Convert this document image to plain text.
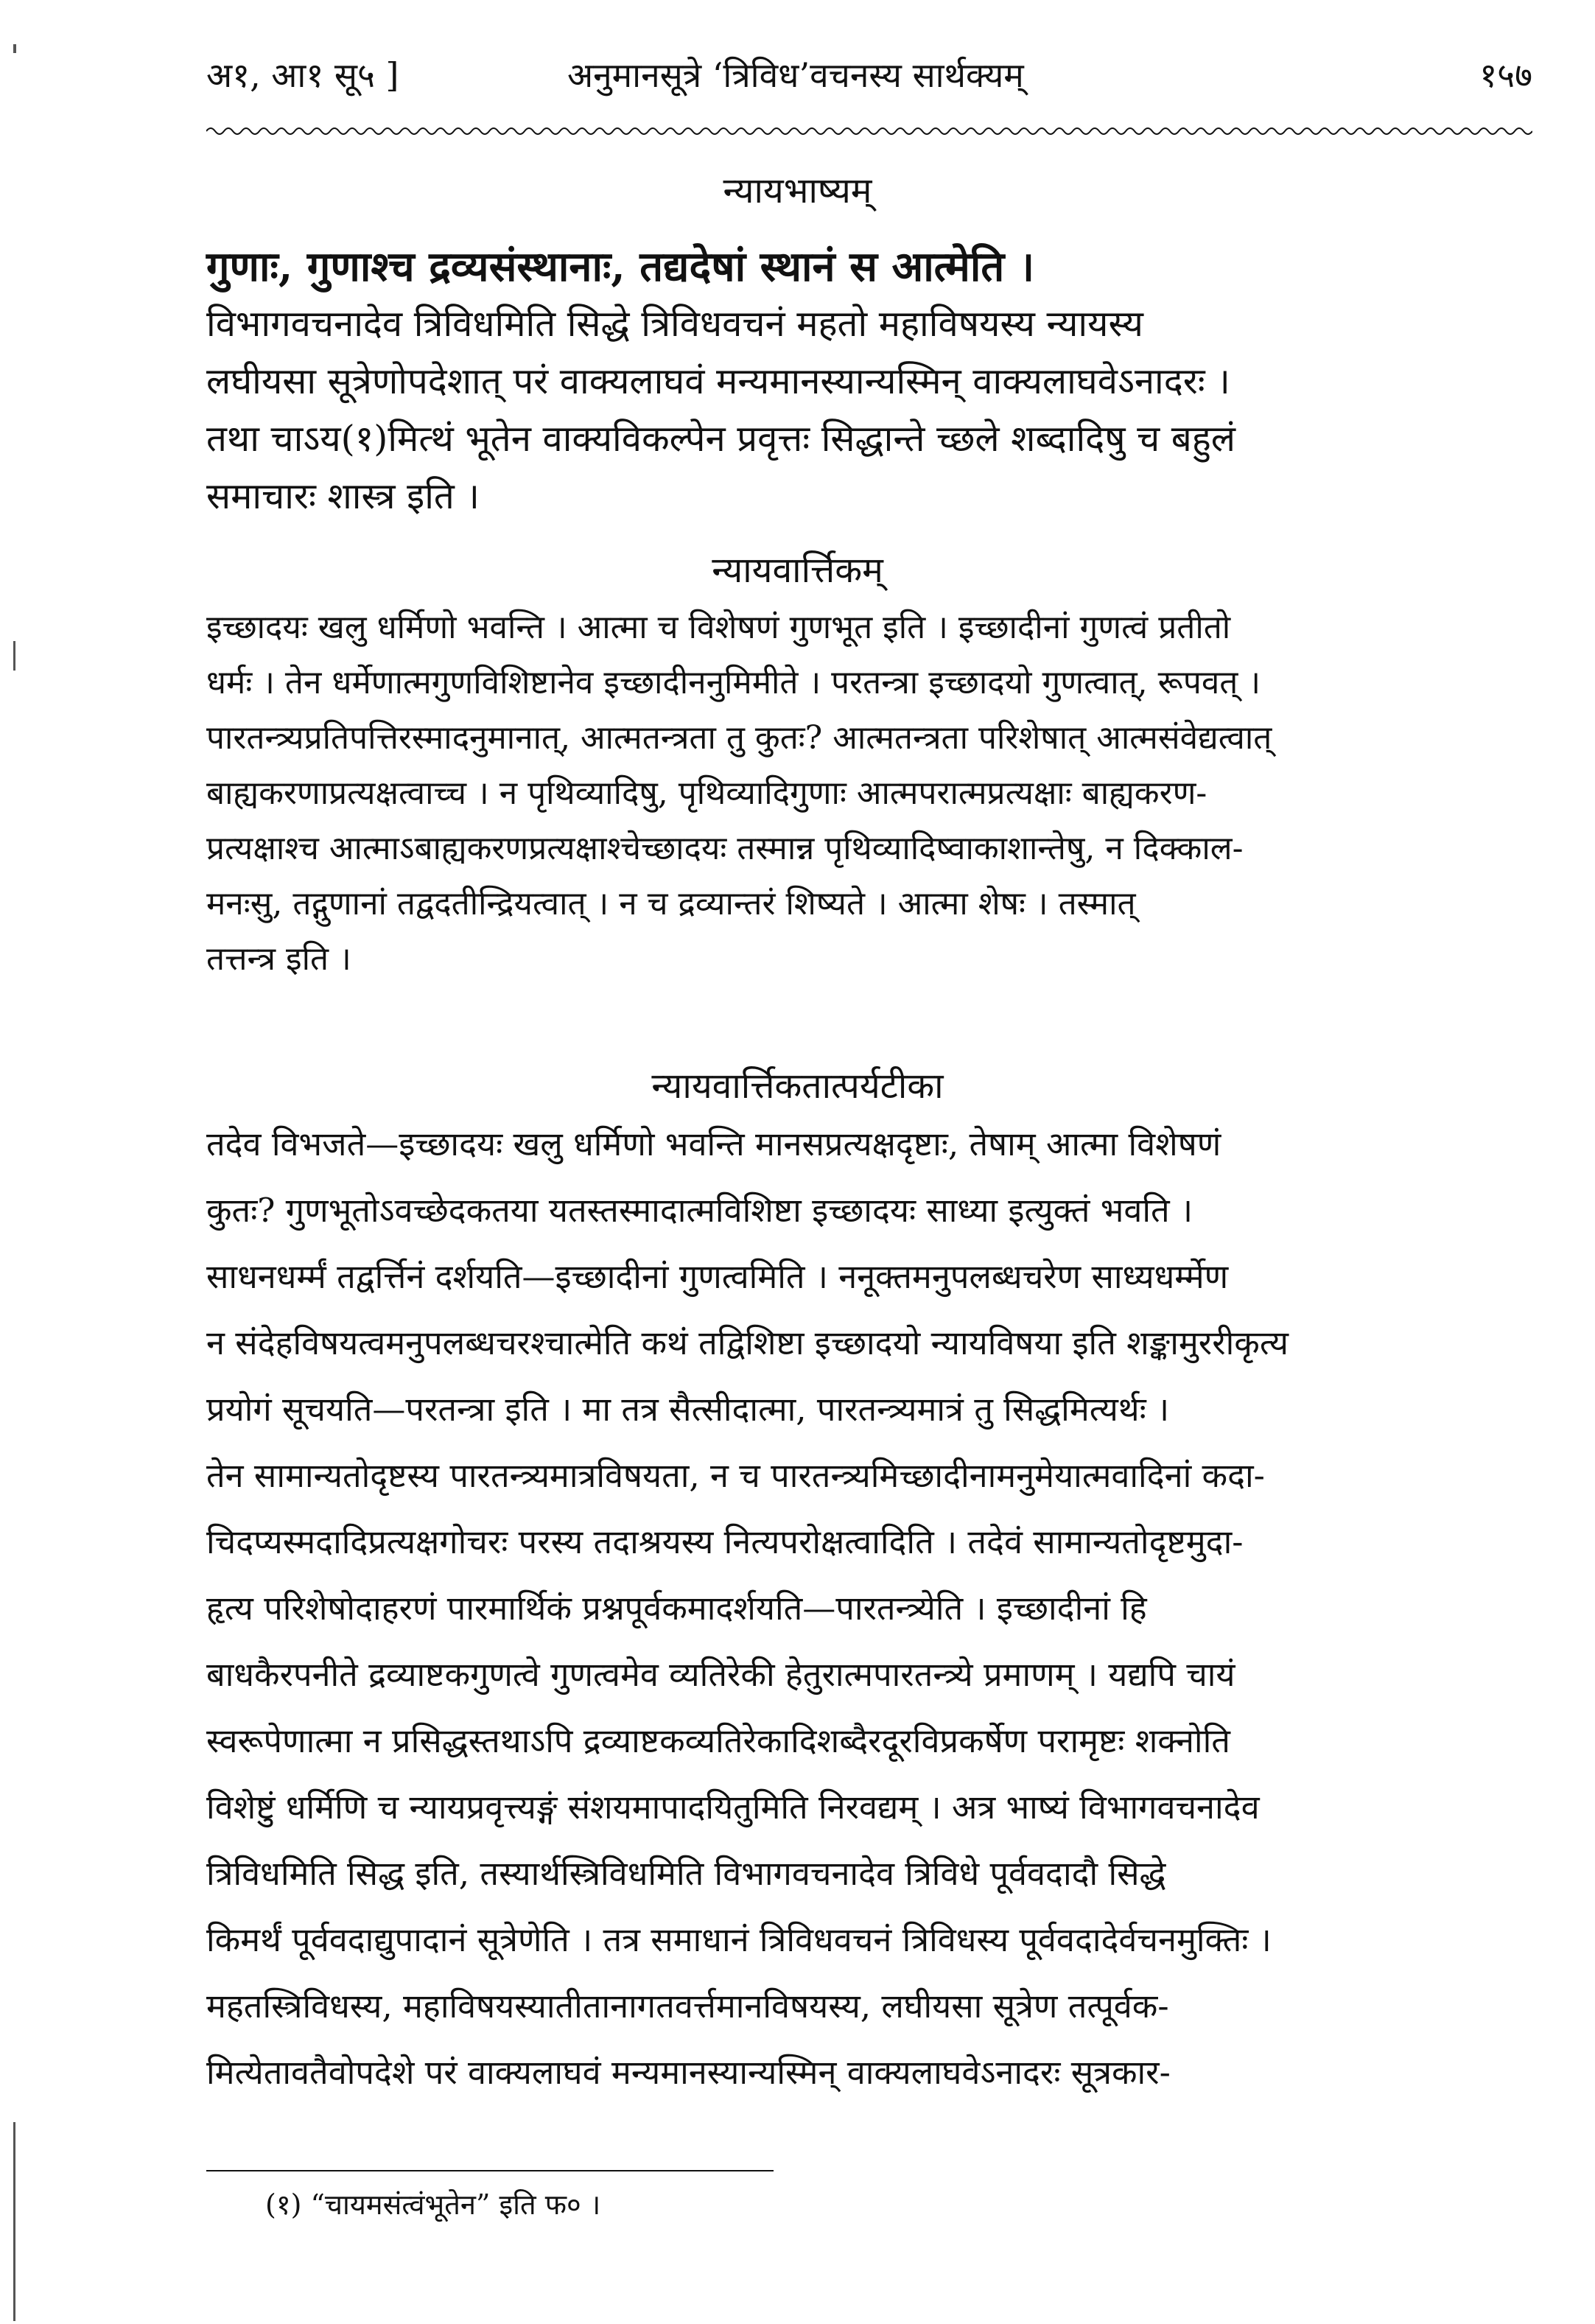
अ१, आ१ सू५ ]	अनुमानसूत्रे ‘त्रिविध’वचनस्य सार्थक्यम्	१५७
न्यायभाष्यम्
गुणाः, गुणाश्च द्रव्यसंस्थानाः, तद्यदेषां स्थानं स आत्मेति ।
विभागवचनादेव त्रिविधमिति सिद्धे त्रिविधवचनं महतो महाविषयस्य न्यायस्य
लघीयसा सूत्रेणोपदेशात् परं वाक्यलाघवं मन्यमानस्यान्यस्मिन् वाक्यलाघवेऽनादरः ।
तथा चाऽय(१)मित्थं भूतेन वाक्यविकल्पेन प्रवृत्तः सिद्धान्ते च्छले शब्दादिषु च बहुलं
समाचारः शास्त्र इति ।
न्यायवार्त्तिकम्
इच्छादयः खलु धर्मिणो भवन्ति । आत्मा च विशेषणं गुणभूत इति । इच्छादीनां गुणत्वं प्रतीतो
धर्मः । तेन धर्मेणात्मगुणविशिष्टानेव इच्छादीननुमिमीते । परतन्त्रा इच्छादयो गुणत्वात्, रूपवत् ।
पारतन्त्र्यप्रतिपत्तिरस्मादनुमानात्, आत्मतन्त्रता तु कुतः? आत्मतन्त्रता परिशेषात् आत्मसंवेद्यत्वात्
बाह्यकरणाप्रत्यक्षत्वाच्च । न पृथिव्यादिषु, पृथिव्यादिगुणाः आत्मपरात्मप्रत्यक्षाः बाह्यकरण-
प्रत्यक्षाश्च आत्माऽबाह्यकरणप्रत्यक्षाश्चेच्छादयः तस्मान्न पृथिव्यादिष्वाकाशान्तेषु, न दिक्काल-
मनःसु, तद्गुणानां तद्वदतीन्द्रियत्वात् । न च द्रव्यान्तरं शिष्यते । आत्मा शेषः । तस्मात्
तत्तन्त्र इति ।
न्यायवार्त्तिकतात्पर्यटीका
तदेव विभजते—इच्छादयः खलु धर्मिणो भवन्ति मानसप्रत्यक्षदृष्टाः, तेषाम् आत्मा विशेषणं
कुतः? गुणभूतोऽवच्छेदकतया यतस्तस्मादात्मविशिष्टा इच्छादयः साध्या इत्युक्तं भवति ।
साधनधर्म्मं तद्वर्त्तिनं दर्शयति—इच्छादीनां गुणत्वमिति । ननूक्तमनुपलब्धचरेण साध्यधर्म्मेण
न संदेहविषयत्वमनुपलब्धचरश्चात्मेति कथं तद्विशिष्टा इच्छादयो न्यायविषया इति शङ्कामुररीकृत्य
प्रयोगं सूचयति—परतन्त्रा इति । मा तत्र सैत्सीदात्मा, पारतन्त्र्यमात्रं तु सिद्धमित्यर्थः ।
तेन सामान्यतोदृष्टस्य पारतन्त्र्यमात्रविषयता, न च पारतन्त्र्यमिच्छादीनामनुमेयात्मवादिनां कदा-
चिदप्यस्मदादिप्रत्यक्षगोचरः परस्य तदाश्रयस्य नित्यपरोक्षत्वादिति । तदेवं सामान्यतोदृष्टमुदा-
हृत्य परिशेषोदाहरणं पारमार्थिकं प्रश्नपूर्वकमादर्शयति—पारतन्त्र्येति । इच्छादीनां हि
बाधकैरपनीते द्रव्याष्टकगुणत्वे गुणत्वमेव व्यतिरेकी हेतुरात्मपारतन्त्र्ये प्रमाणम् । यद्यपि चायं
स्वरूपेणात्मा न प्रसिद्धस्तथाऽपि द्रव्याष्टकव्यतिरेकादिशब्दैरदूरविप्रकर्षेण परामृष्टः शक्नोति
विशेष्टुं धर्मिणि च न्यायप्रवृत्त्यङ्गं संशयमापादयितुमिति निरवद्यम् । अत्र भाष्यं विभागवचनादेव
त्रिविधमिति सिद्ध इति, तस्यार्थस्त्रिविधमिति विभागवचनादेव त्रिविधे पूर्ववदादौ सिद्धे
किमर्थं पूर्ववदाद्युपादानं सूत्रेणेति । तत्र समाधानं त्रिविधवचनं त्रिविधस्य पूर्ववदादेर्वचनमुक्तिः ।
महतस्त्रिविधस्य, महाविषयस्यातीतानागतवर्त्तमानविषयस्य, लघीयसा सूत्रेण तत्पूर्वक-
मित्येतावतैवोपदेशे परं वाक्यलाघवं मन्यमानस्यान्यस्मिन् वाक्यलाघवेऽनादरः सूत्रकार-
(१) “चायमसंत्वंभूतेन” इति फ० ।
